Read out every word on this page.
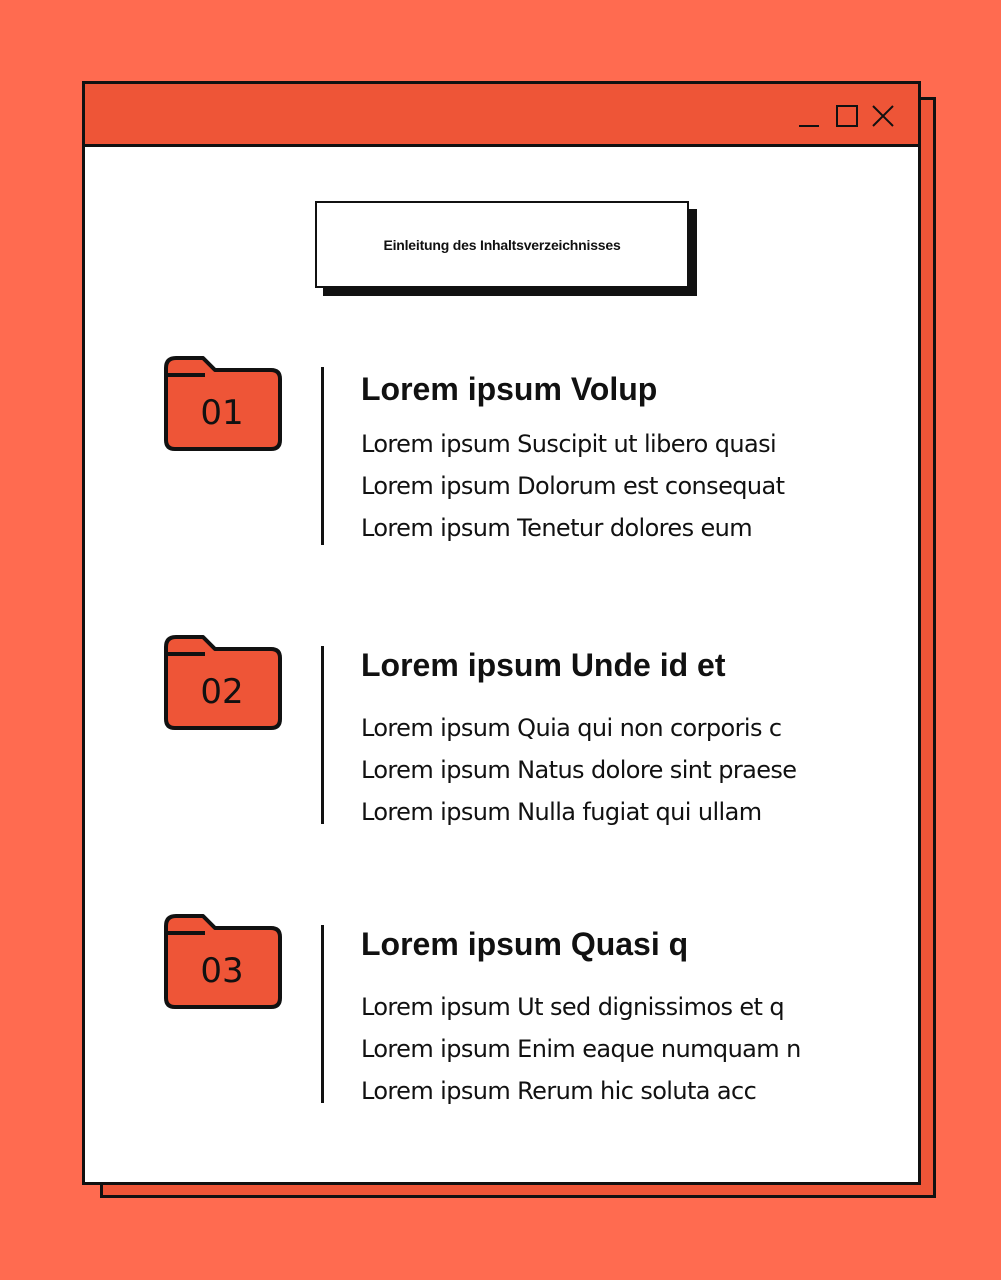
Einleitung des Inhaltsverzeichnisses
01
Lorem ipsum Volup
Lorem ipsum Suscipit ut libero quasi
Lorem ipsum Dolorum est consequat
Lorem ipsum Tenetur dolores eum
02
Lorem ipsum Unde id et
Lorem ipsum Quia qui non corporis c
Lorem ipsum Natus dolore sint praese
Lorem ipsum Nulla fugiat qui ullam
03
Lorem ipsum Quasi q
Lorem ipsum Ut sed dignissimos et q
Lorem ipsum Enim eaque numquam n
Lorem ipsum Rerum hic soluta acc
